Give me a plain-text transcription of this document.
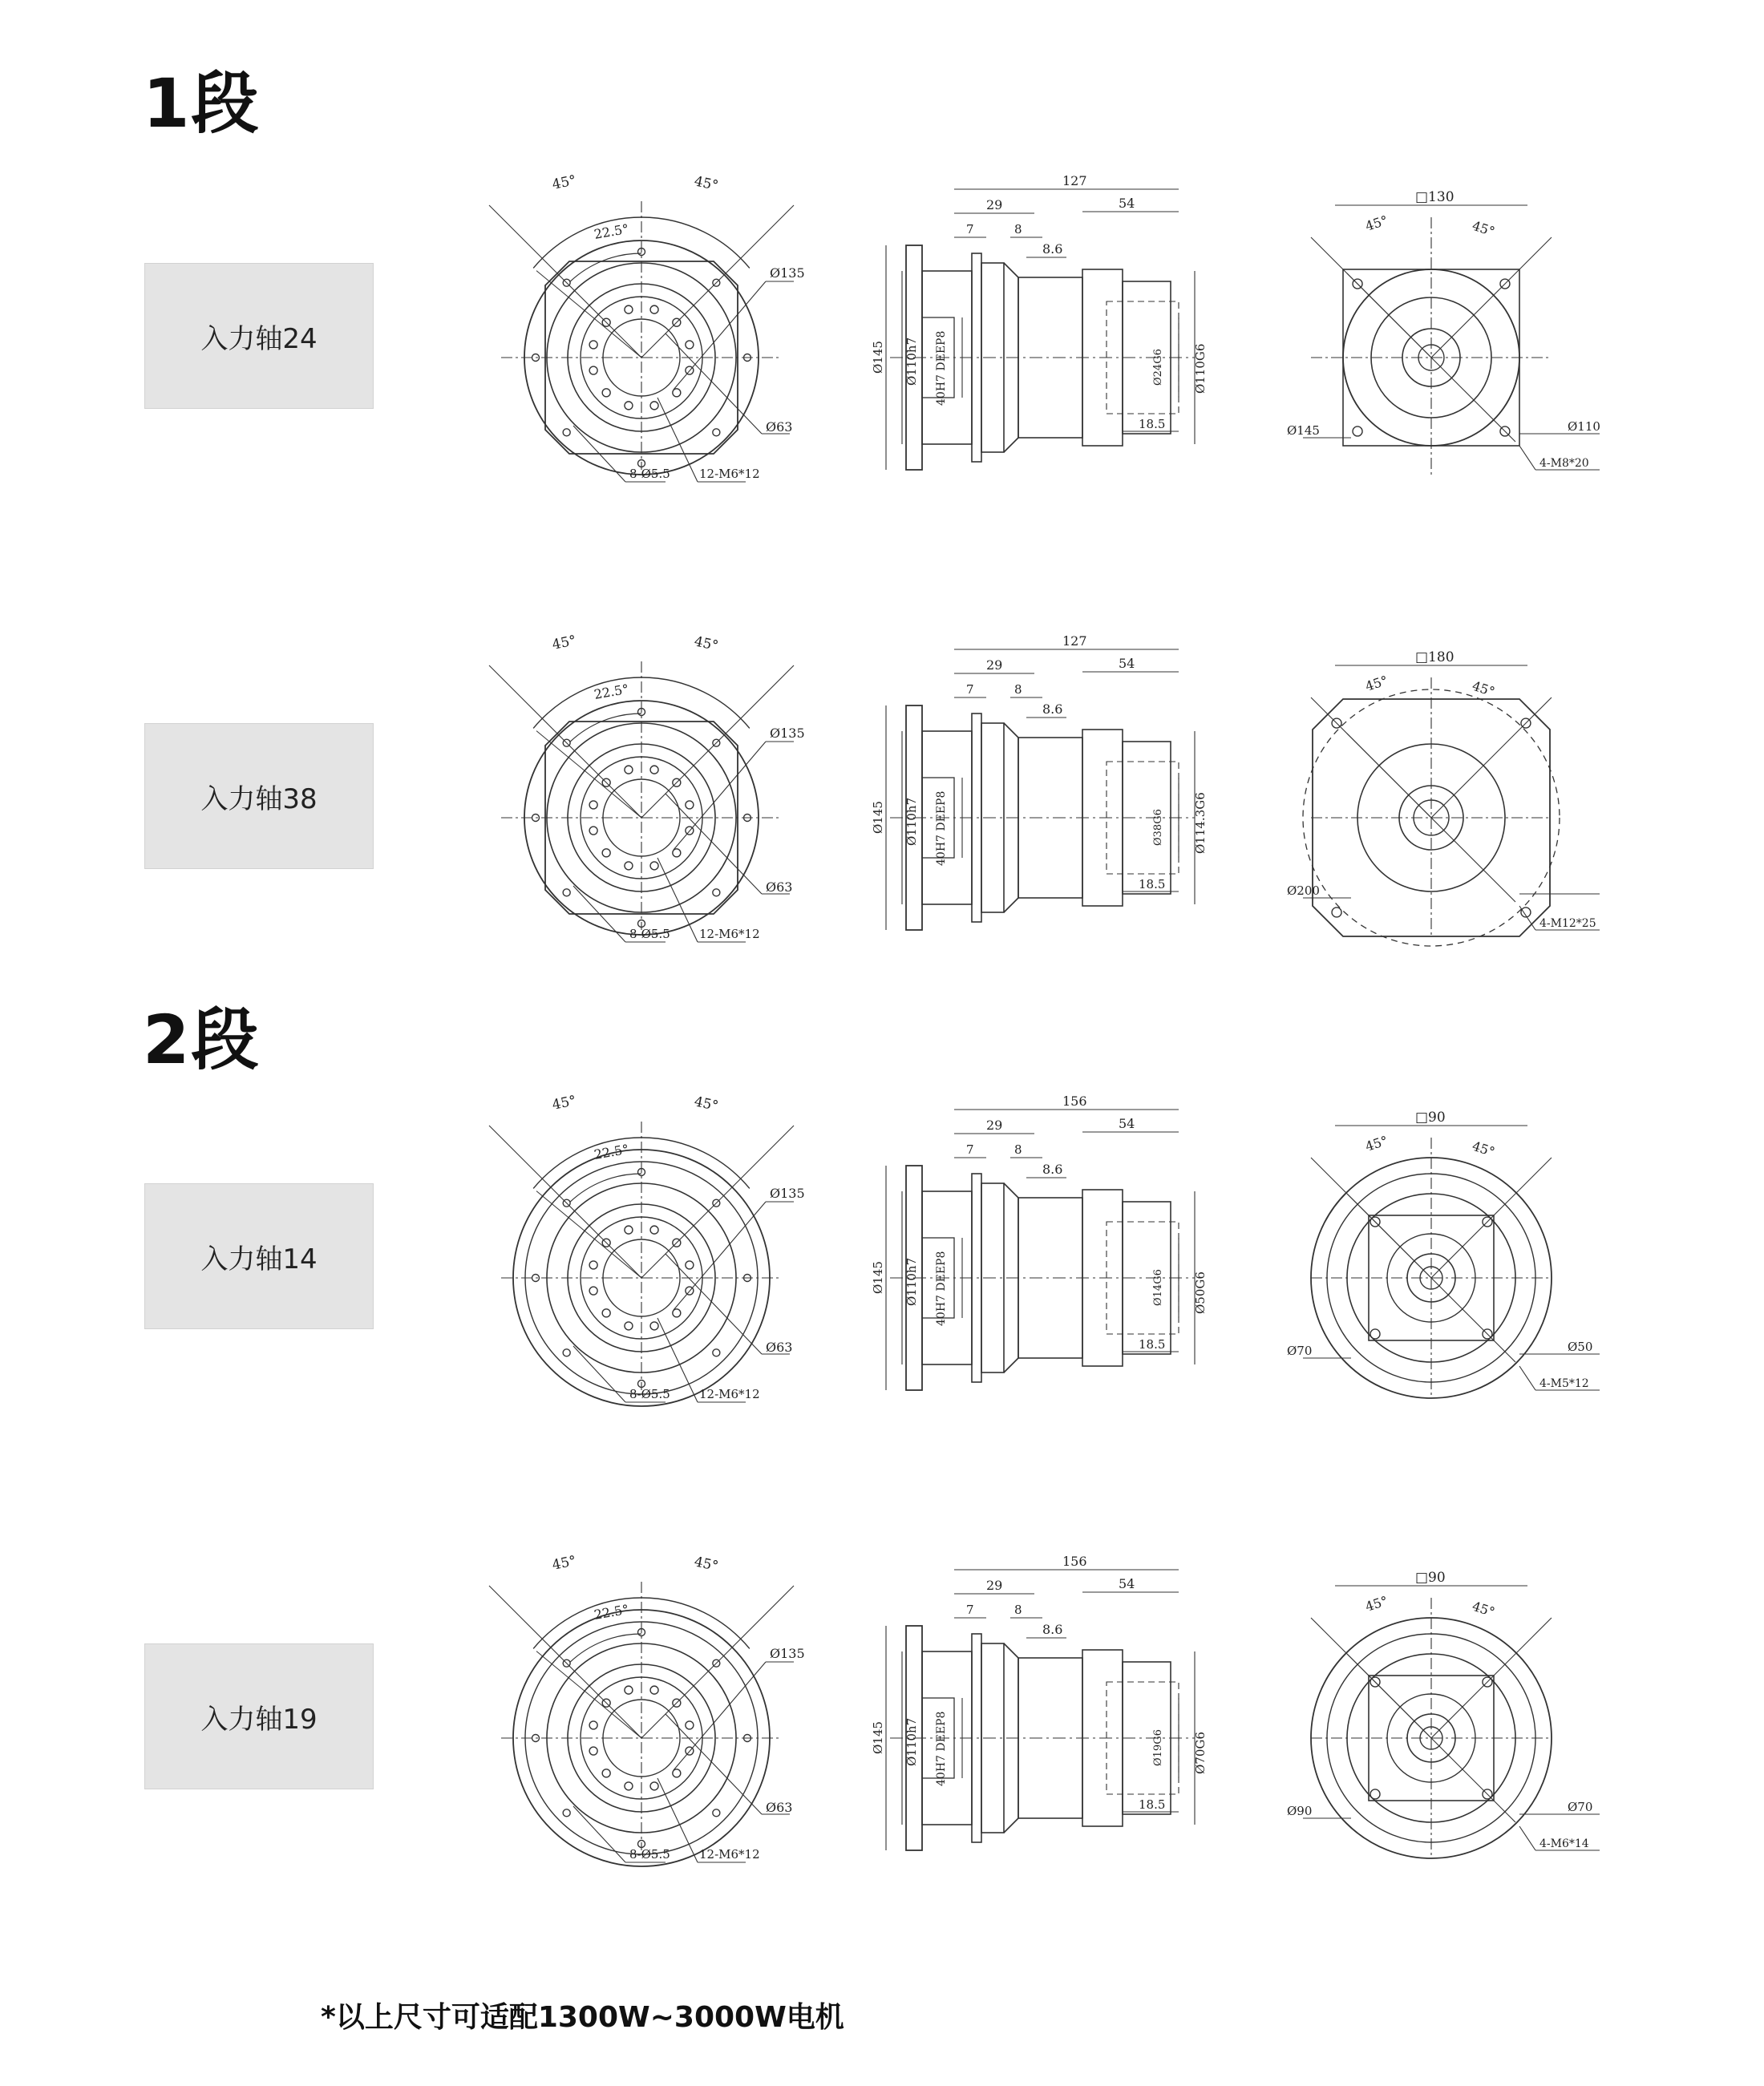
1段
2段
入力轴24
入力轴38
入力轴14
入力轴19
45°	45°
22.5°
Ø135
Ø63
8-Ø5.5 12-M6*12
127
29
7	8
8.6
54
18.5
Ø145 Ø110h7 40H7 DEEP8	Ø24G6 Ø110G6
□130
45°	45°
Ø145	Ø110
4-M8*20
45°	45°
22.5°
Ø135
Ø63
8-Ø5.5 12-M6*12
127
29
7	8
8.6
54
18.5
Ø145 Ø110h7 40H7 DEEP8	Ø38G6 Ø114.3G6
□180
45°	45°
Ø200
4-M12*25
45°	45°
22.5°
Ø135
Ø63
8-Ø5.5 12-M6*12
156
29
7	8
8.6
54
18.5
Ø145 Ø110h7 40H7 DEEP8	Ø14G6 Ø50G6
□90
45°	45°
Ø70	Ø50
4-M5*12
45°	45°
22.5°
Ø135
Ø63
8-Ø5.5 12-M6*12
156
29
7	8
8.6
54
18.5
Ø145 Ø110h7 40H7 DEEP8	Ø19G6 Ø70G6
□90
45°	45°
Ø90	Ø70
4-M6*14
*以上尺寸可适配1300W~3000W电机
